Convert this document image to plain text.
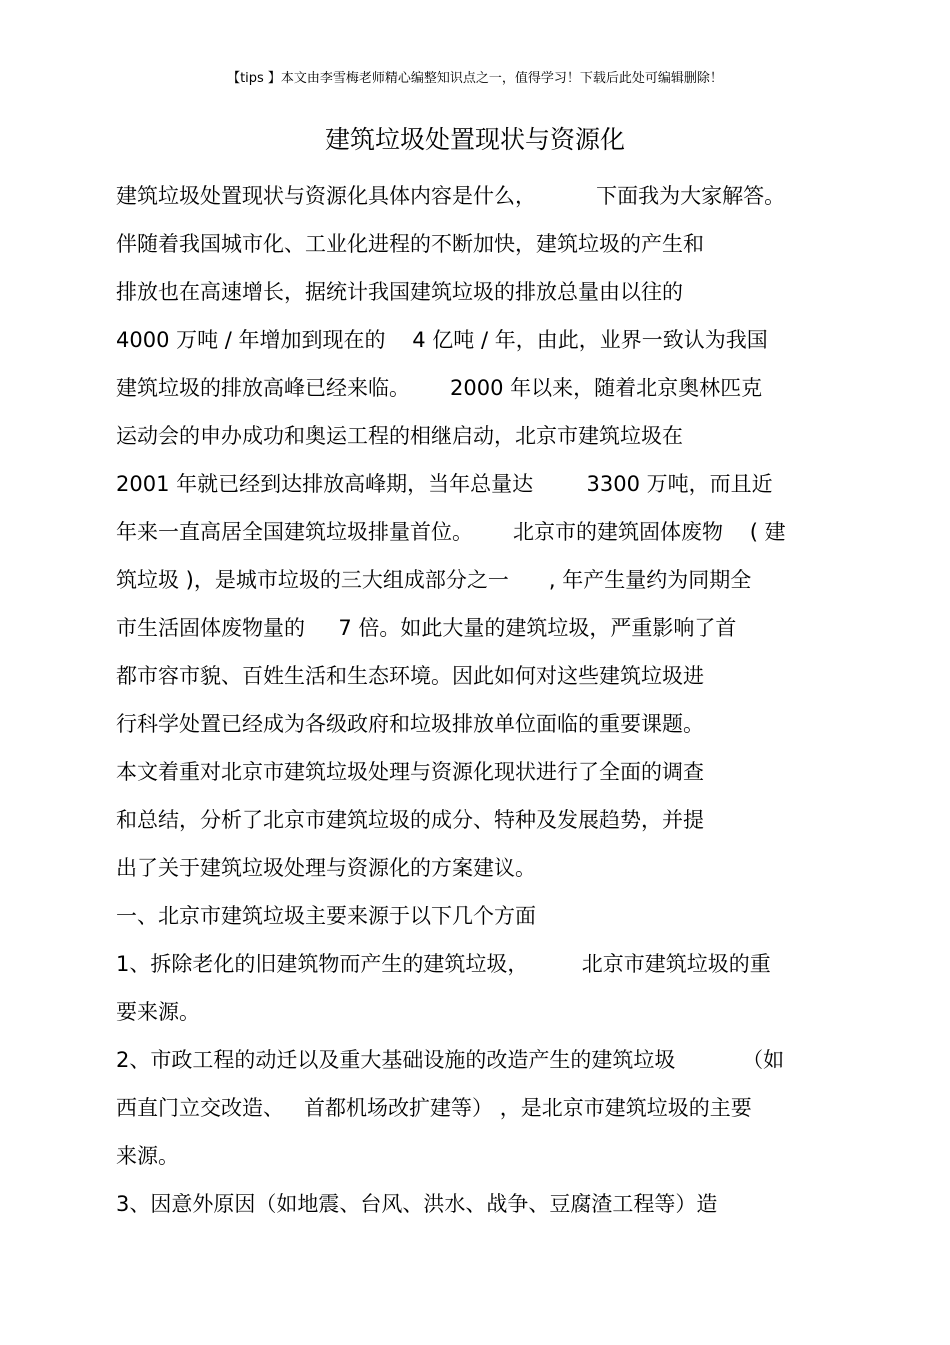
【tips 】本文由李雪梅老师精心编整知识点之一，值得学习！下载后此处可编辑删除！
建筑垃圾处置现状与资源化
建筑垃圾处置现状与资源化具体内容是什么，         下面我为大家解答。
伴随着我国城市化、工业化进程的不断加快，建筑垃圾的产生和
排放也在高速增长，据统计我国建筑垃圾的排放总量由以往的
4000 万吨 / 年增加到现在的    4 亿吨 / 年，由此，业界一致认为我国
建筑垃圾的排放高峰已经来临。      2000 年以来，随着北京奥林匹克
运动会的申办成功和奥运工程的相继启动，北京市建筑垃圾在
2001 年就已经到达排放高峰期，当年总量达        3300 万吨，而且近
年来一直高居全国建筑垃圾排量首位。      北京市的建筑固体废物    ( 建
筑垃圾 )，是城市垃圾的三大组成部分之一      , 年产生量约为同期全
市生活固体废物量的     7 倍。如此大量的建筑垃圾，严重影响了首
都市容市貌、百姓生活和生态环境。因此如何对这些建筑垃圾进
行科学处置已经成为各级政府和垃圾排放单位面临的重要课题。
本文着重对北京市建筑垃圾处理与资源化现状进行了全面的调查
和总结，分析了北京市建筑垃圾的成分、特种及发展趋势，并提
出了关于建筑垃圾处理与资源化的方案建议。
一、北京市建筑垃圾主要来源于以下几个方面
1、拆除老化的旧建筑物而产生的建筑垃圾，        北京市建筑垃圾的重
要来源。
2、市政工程的动迁以及重大基础设施的改造产生的建筑垃圾          （如
西直门立交改造、   首都机场改扩建等） ，是北京市建筑垃圾的主要
来源。
3、因意外原因（如地震、台风、洪水、战争、豆腐渣工程等）造
